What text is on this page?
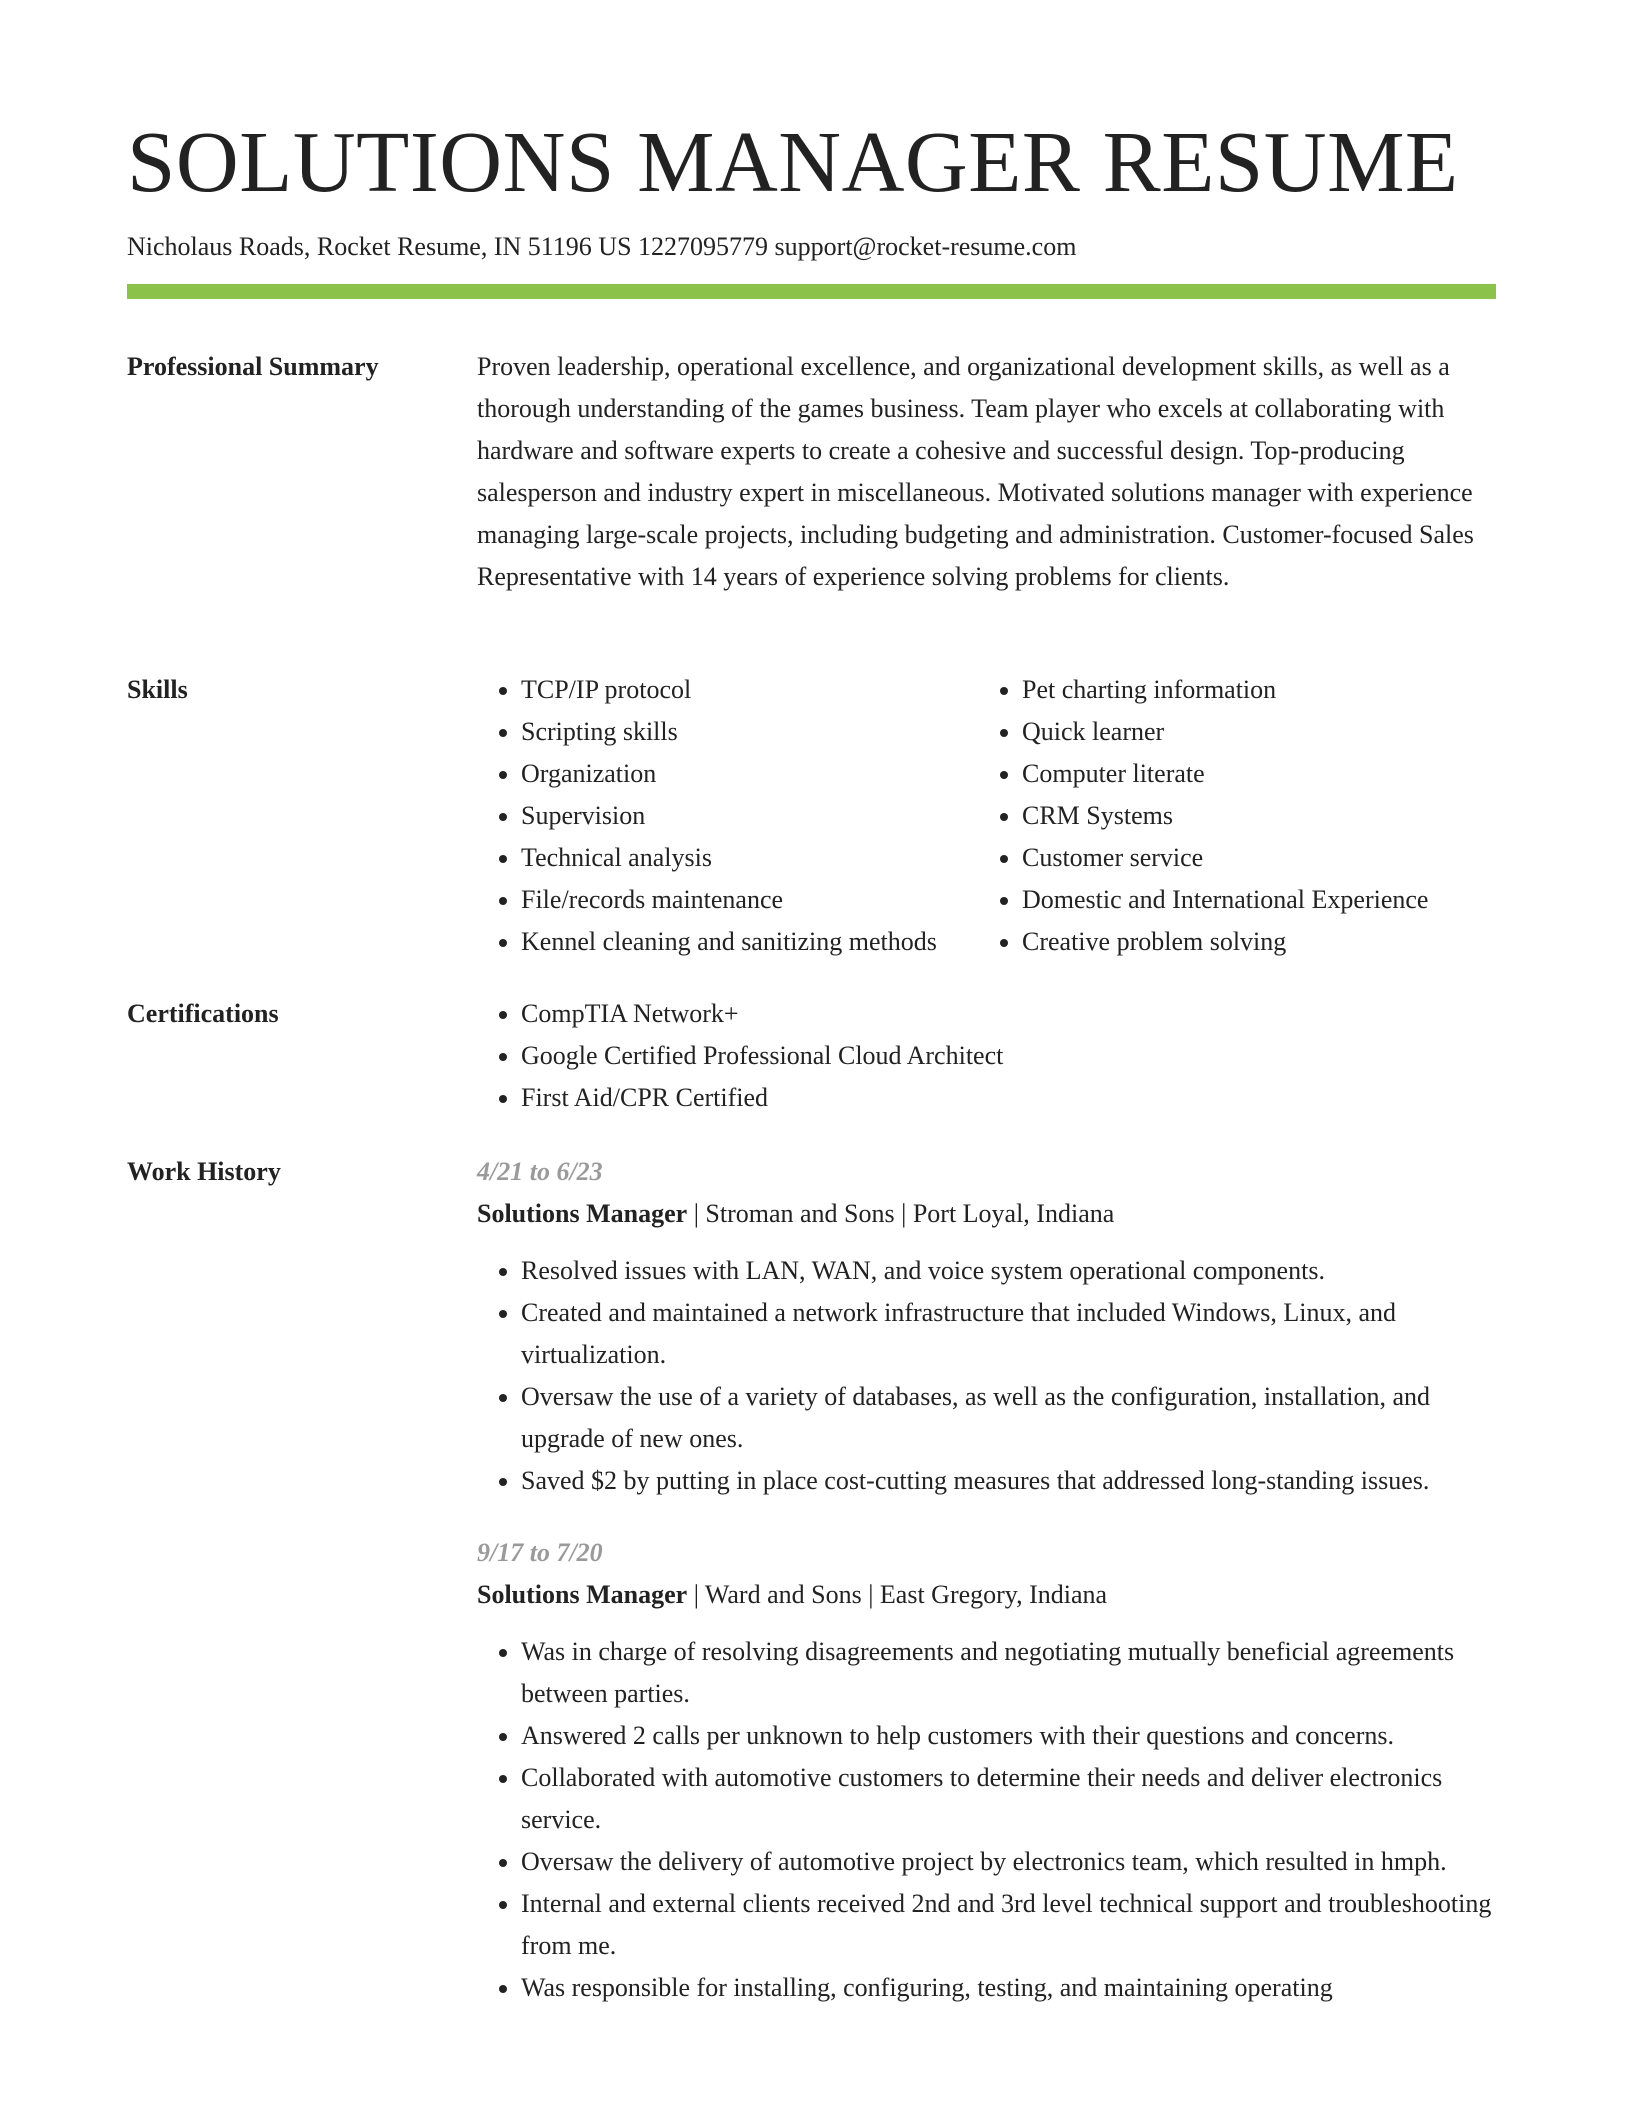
SOLUTIONS MANAGER RESUME
Nicholaus Roads, Rocket Resume, IN 51196 US 1227095779 support@rocket-resume.com
Professional Summary	Proven leadership, operational excellence, and organizational development skills, as well as a thorough understanding of the games business. Team player who excels at collaborating with hardware and software experts to create a cohesive and successful design. Top-producing salesperson and industry expert in miscellaneous. Motivated solutions manager with experience managing large-scale projects, including budgeting and administration. Customer-focused Sales Representative with 14 years of experience solving problems for clients.

Skills	• TCP/IP protocol
• Scripting skills
• Organization
• Supervision
• Technical analysis
• File/records maintenance
• Kennel cleaning and sanitizing methods
• Pet charting information
• Quick learner
• Computer literate
• CRM Systems
• Customer service
• Domestic and International Experience
• Creative problem solving
Certifications	• CompTIA Network+
• Google Certified Professional Cloud Architect
• First Aid/CPR Certified
Work History	4/21 to 6/23
Solutions Manager | Stroman and Sons | Port Loyal, Indiana
• Resolved issues with LAN, WAN, and voice system operational components.
• Created and maintained a network infrastructure that included Windows, Linux, and virtualization.
• Oversaw the use of a variety of databases, as well as the configuration, installation, and upgrade of new ones.
• Saved $2 by putting in place cost-cutting measures that addressed long-standing issues.
9/17 to 7/20
Solutions Manager | Ward and Sons | East Gregory, Indiana
• Was in charge of resolving disagreements and negotiating mutually beneficial agreements between parties.
• Answered 2 calls per unknown to help customers with their questions and concerns.
• Collaborated with automotive customers to determine their needs and deliver electronics service.
• Oversaw the delivery of automotive project by electronics team, which resulted in hmph.
• Internal and external clients received 2nd and 3rd level technical support and troubleshooting from me.
• Was responsible for installing, configuring, testing, and maintaining operating
